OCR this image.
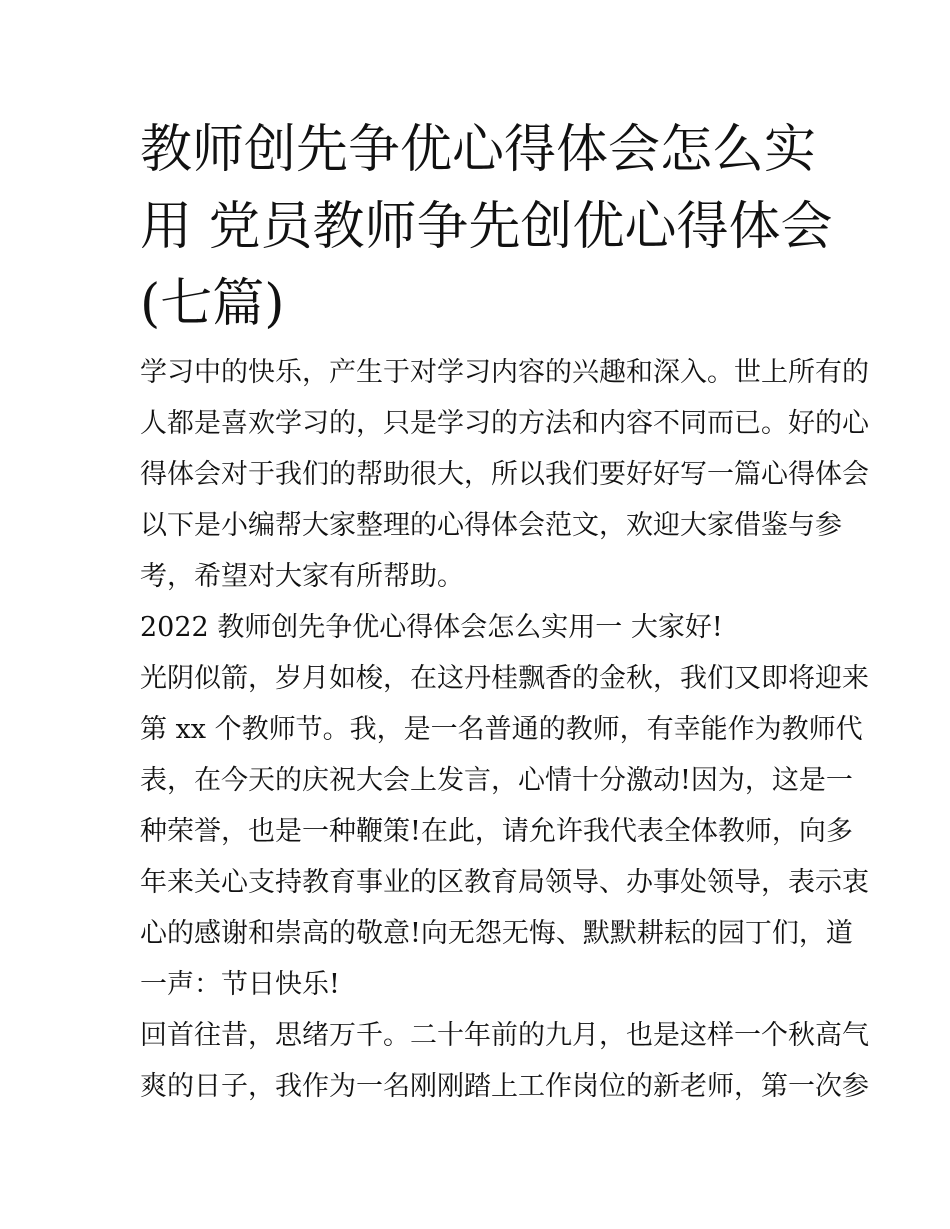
教师创先争优心得体会怎么实
用 党员教师争先创优心得体会
(七篇)

学习中的快乐，产生于对学习内容的兴趣和深入。世上所有的
人都是喜欢学习的，只是学习的方法和内容不同而已。好的心
得体会对于我们的帮助很大，所以我们要好好写一篇心得体会
以下是小编帮大家整理的心得体会范文，欢迎大家借鉴与参
考，希望对大家有所帮助。

2022 教师创先争优心得体会怎么实用一 大家好!

光阴似箭，岁月如梭，在这丹桂飘香的金秋，我们又即将迎来
第 xx 个教师节。我，是一名普通的教师，有幸能作为教师代
表，在今天的庆祝大会上发言，心情十分激动!因为，这是一
种荣誉，也是一种鞭策!在此，请允许我代表全体教师，向多
年来关心支持教育事业的区教育局领导、办事处领导，表示衷
心的感谢和崇高的敬意!向无怨无悔、默默耕耘的园丁们，道
一声：节日快乐!

回首往昔，思绪万千。二十年前的九月，也是这样一个秋高气
爽的日子，我作为一名刚刚踏上工作岗位的新老师，第一次参
